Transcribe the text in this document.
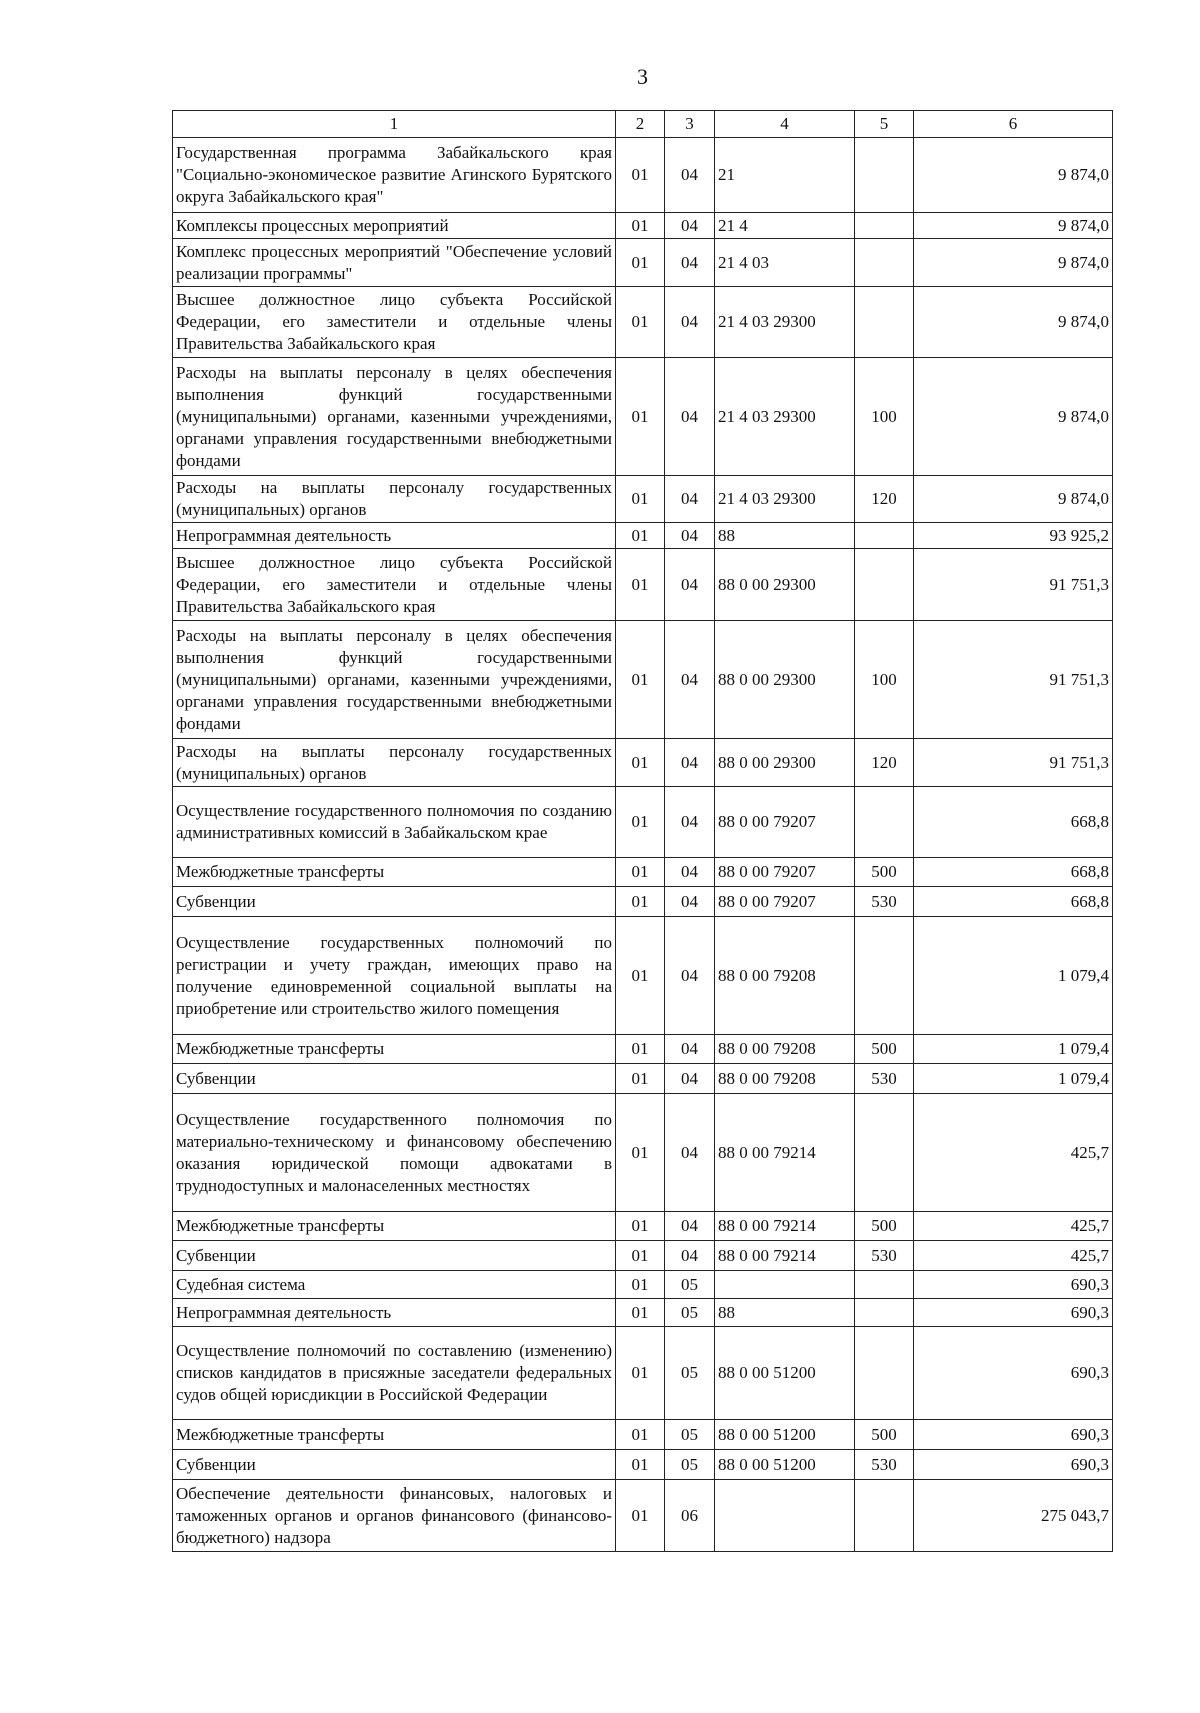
3
1	2	3	4	5	6
Государственная программа Забайкальского края "Социально-экономическое развитие Агинского Бурятского округа Забайкальского края"	01	04	21		9 874,0
Комплексы процессных мероприятий	01	04	21 4		9 874,0
Комплекс процессных мероприятий "Обеспечение условий реализации программы"	01	04	21 4 03		9 874,0
Высшее должностное лицо субъекта Российской Федерации, его заместители и отдельные члены Правительства Забайкальского края	01	04	21 4 03 29300		9 874,0
Расходы на выплаты персоналу в целях обеспечения выполнения функций государственными (муниципальными) органами, казенными учреждениями, органами управления государственными внебюджетными фондами	01	04	21 4 03 29300	100	9 874,0
Расходы на выплаты персоналу государственных (муниципальных) органов	01	04	21 4 03 29300	120	9 874,0
Непрограммная деятельность	01	04	88		93 925,2
Высшее должностное лицо субъекта Российской Федерации, его заместители и отдельные члены Правительства Забайкальского края	01	04	88 0 00 29300		91 751,3
Расходы на выплаты персоналу в целях обеспечения выполнения функций государственными (муниципальными) органами, казенными учреждениями, органами управления государственными внебюджетными фондами	01	04	88 0 00 29300	100	91 751,3
Расходы на выплаты персоналу государственных (муниципальных) органов	01	04	88 0 00 29300	120	91 751,3
Осуществление государственного полномочия по созданию административных комиссий в Забайкальском крае	01	04	88 0 00 79207		668,8
Межбюджетные трансферты	01	04	88 0 00 79207	500	668,8
Субвенции	01	04	88 0 00 79207	530	668,8
Осуществление государственных полномочий по регистрации и учету граждан, имеющих право на получение единовременной социальной выплаты на приобретение или строительство жилого помещения	01	04	88 0 00 79208		1 079,4
Межбюджетные трансферты	01	04	88 0 00 79208	500	1 079,4
Субвенции	01	04	88 0 00 79208	530	1 079,4
Осуществление государственного полномочия по материально-техническому и финансовому обеспечению оказания юридической помощи адвокатами в труднодоступных и малонаселенных местностях	01	04	88 0 00 79214		425,7
Межбюджетные трансферты	01	04	88 0 00 79214	500	425,7
Субвенции	01	04	88 0 00 79214	530	425,7
Судебная система	01	05			690,3
Непрограммная деятельность	01	05	88		690,3
Осуществление полномочий по составлению (изменению) списков кандидатов в присяжные заседатели федеральных судов общей юрисдикции в Российской Федерации	01	05	88 0 00 51200		690,3
Межбюджетные трансферты	01	05	88 0 00 51200	500	690,3
Субвенции	01	05	88 0 00 51200	530	690,3
Обеспечение деятельности финансовых, налоговых и таможенных органов и органов финансового (финансово-бюджетного) надзора	01	06			275 043,7
